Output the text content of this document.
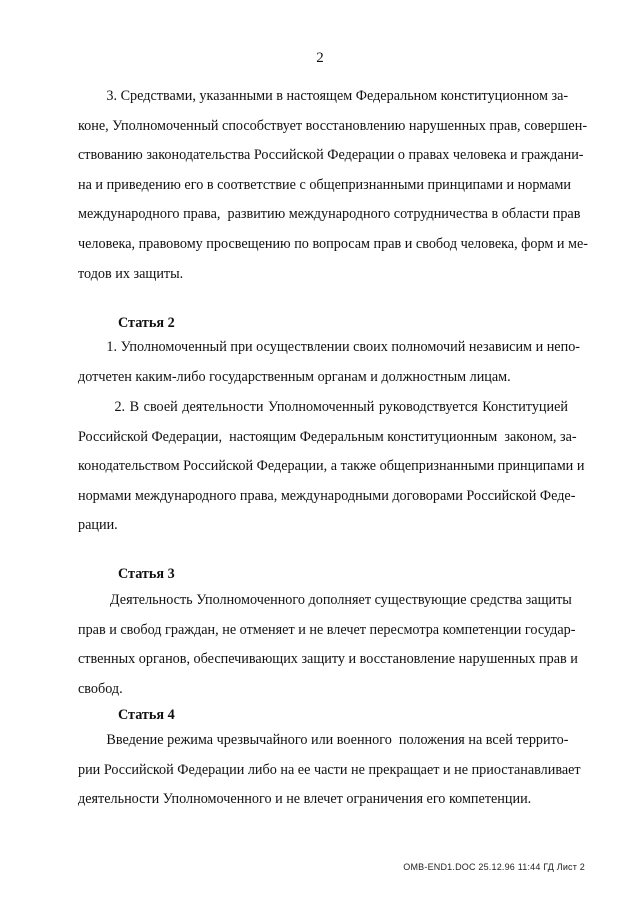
2
3. Средствами, указанными в настоящем Федеральном конституционном за-
коне, Уполномоченный способствует восстановлению нарушенных прав, совершен-
ствованию законодательства Российской Федерации о правах человека и граждани-
на и приведению его в соответствие с общепризнанными принципами и нормами
международного права,  развитию международного сотрудничества в области прав
человека, правовому просвещению по вопросам прав и свобод человека, форм и ме-
тодов их защиты.
Статья 2
1. Уполномоченный при осуществлении своих полномочий независим и непо-
дотчетен каким-либо государственным органам и должностным лицам.
2. В своей деятельности Уполномоченный руководствуется Конституцией
Российской Федерации,  настоящим Федеральным конституционным  законом, за-
конодательством Российской Федерации, а также общепризнанными принципами и
нормами международного права, международными договорами Российской Феде-
рации.
Статья 3
Деятельность Уполномоченного дополняет существующие средства защиты
прав и свобод граждан, не отменяет и не влечет пересмотра компетенции государ-
ственных органов, обеспечивающих защиту и восстановление нарушенных прав и
свобод.
Статья 4
Введение режима чрезвычайного или военного  положения на всей террито-
рии Российской Федерации либо на ее части не прекращает и не приостанавливает
деятельности Уполномоченного и не влечет ограничения его компетенции.
OMB-END1.DOC 25.12.96 11:44 ГД Лист 2
